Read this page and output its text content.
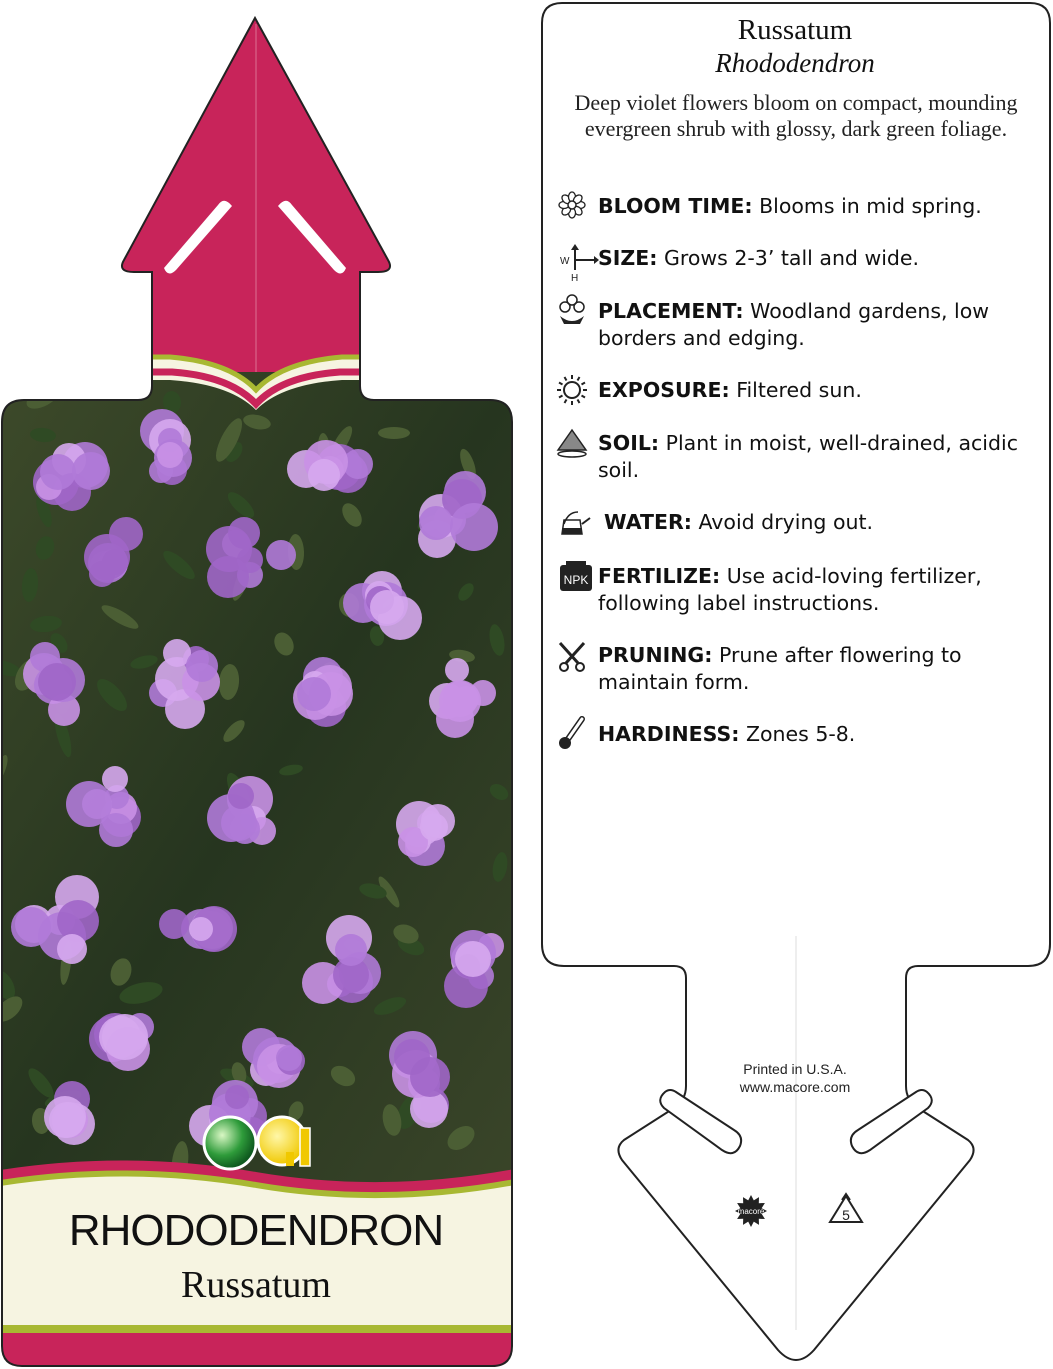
macore	5
W
H
NPK
Russatum
Rhododendron
Deep violet flowers bloom on compact, mounding evergreen shrub with glossy, dark green foliage.
BLOOM TIME: Blooms in mid spring.
SIZE: Grows 2-3’ tall and wide.
PLACEMENT: Woodland gardens, low borders and edging.
EXPOSURE: Filtered sun.
SOIL: Plant in moist, well-drained, acidic soil.
WATER: Avoid drying out.
FERTILIZE: Use acid-loving fertilizer, following label instructions.
PRUNING: Prune after flowering to maintain form.
HARDINESS: Zones 5-8.
Printed in U.S.A.
www.macore.com
RHODODENDRON
Russatum
